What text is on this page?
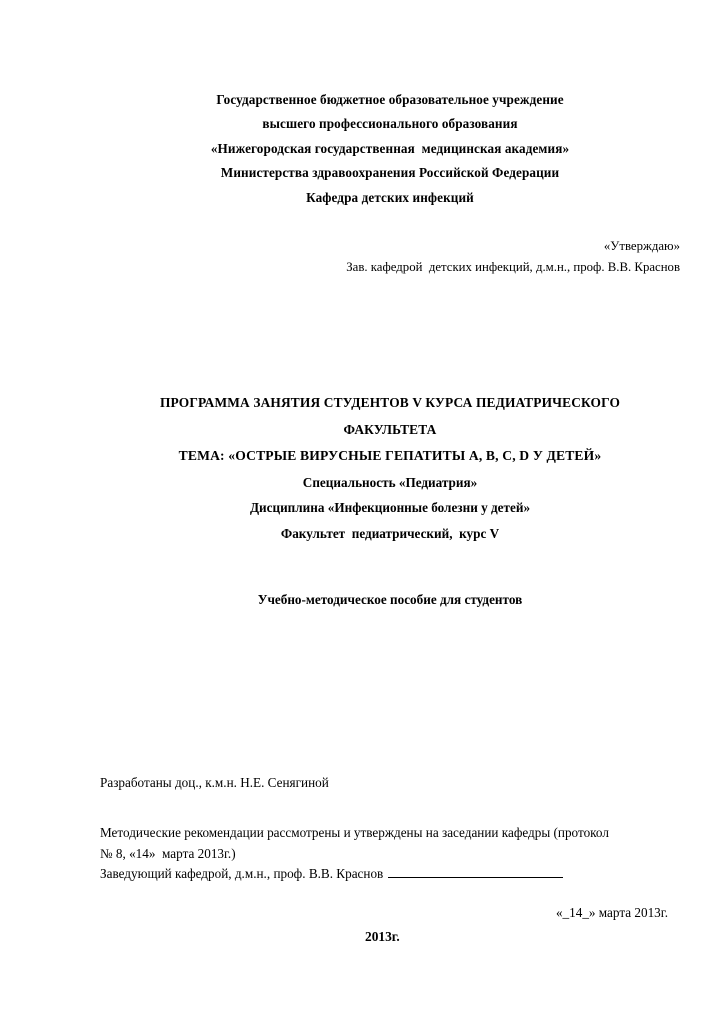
Государственное бюджетное образовательное учреждение
высшего профессионального образования
«Нижегородская государственная  медицинская академия»
Министерства здравоохранения Российской Федерации
Кафедра детских инфекций
«Утверждаю»
Зав. кафедрой  детских инфекций, д.м.н., проф. В.В. Краснов
ПРОГРАММА ЗАНЯТИЯ СТУДЕНТОВ V КУРСА ПЕДИАТРИЧЕСКОГО
ФАКУЛЬТЕТА
ТЕМА: «ОСТРЫЕ ВИРУСНЫЕ ГЕПАТИТЫ A, B, C, D У ДЕТЕЙ»
Специальность «Педиатрия»
Дисциплина «Инфекционные болезни у детей»
Факультет  педиатрический,  курс V
Учебно-методическое пособие для студентов
Разработаны доц., к.м.н. Н.Е. Сенягиной
Методические рекомендации рассмотрены и утверждены на заседании кафедры (протокол
№ 8, «14»  марта 2013г.)
Заведующий кафедрой, д.м.н., проф. В.В. Краснов
«_14_» марта 2013г.
2013г.
